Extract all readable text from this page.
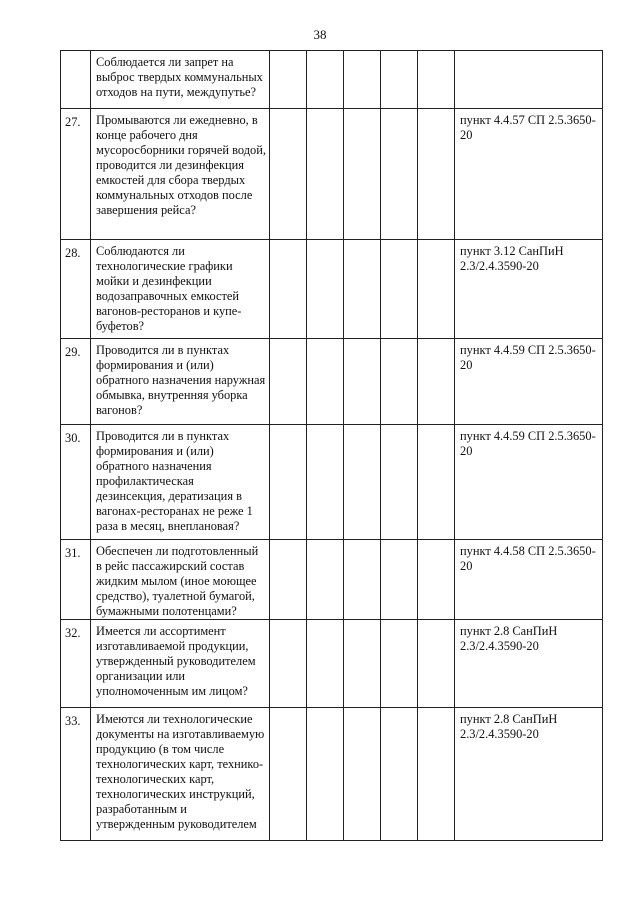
38
	Соблюдается ли запрет на выброс твердых коммунальных отходов на пути, междупутье?						
27.	Промываются ли ежедневно, в конце рабочего дня мусоросборники горячей водой, проводится ли дезинфекция емкостей для сбора твердых коммунальных отходов после завершения рейса?						пункт 4.4.57 СП 2.5.3650-20
28.	Соблюдаются ли технологические графики мойки и дезинфекции водозаправочных емкостей вагонов-ресторанов и купе-буфетов?						пункт 3.12 СанПиН 2.3/2.4.3590-20
29.	Проводится ли в пунктах формирования и (или) обратного назначения наружная обмывка, внутренняя уборка вагонов?						пункт 4.4.59 СП 2.5.3650-20
30.	Проводится ли в пунктах формирования и (или) обратного назначения профилактическая дезинсекция, дератизация в вагонах-ресторанах не реже 1 раза в месяц, внеплановая?						пункт 4.4.59 СП 2.5.3650-20
31.	Обеспечен ли подготовленный в рейс пассажирский состав жидким мылом (иное моющее средство), туалетной бумагой, бумажными полотенцами?						пункт 4.4.58 СП 2.5.3650-20
32.	Имеется ли ассортимент изготавливаемой продукции, утвержденный руководителем организации или уполномоченным им лицом?						пункт 2.8 СанПиН 2.3/2.4.3590-20
33.	Имеются ли технологические документы на изготавливаемую продукцию (в том числе технологических карт, технико-технологических карт, технологических инструкций, разработанным и утвержденным руководителем						пункт 2.8 СанПиН 2.3/2.4.3590-20
